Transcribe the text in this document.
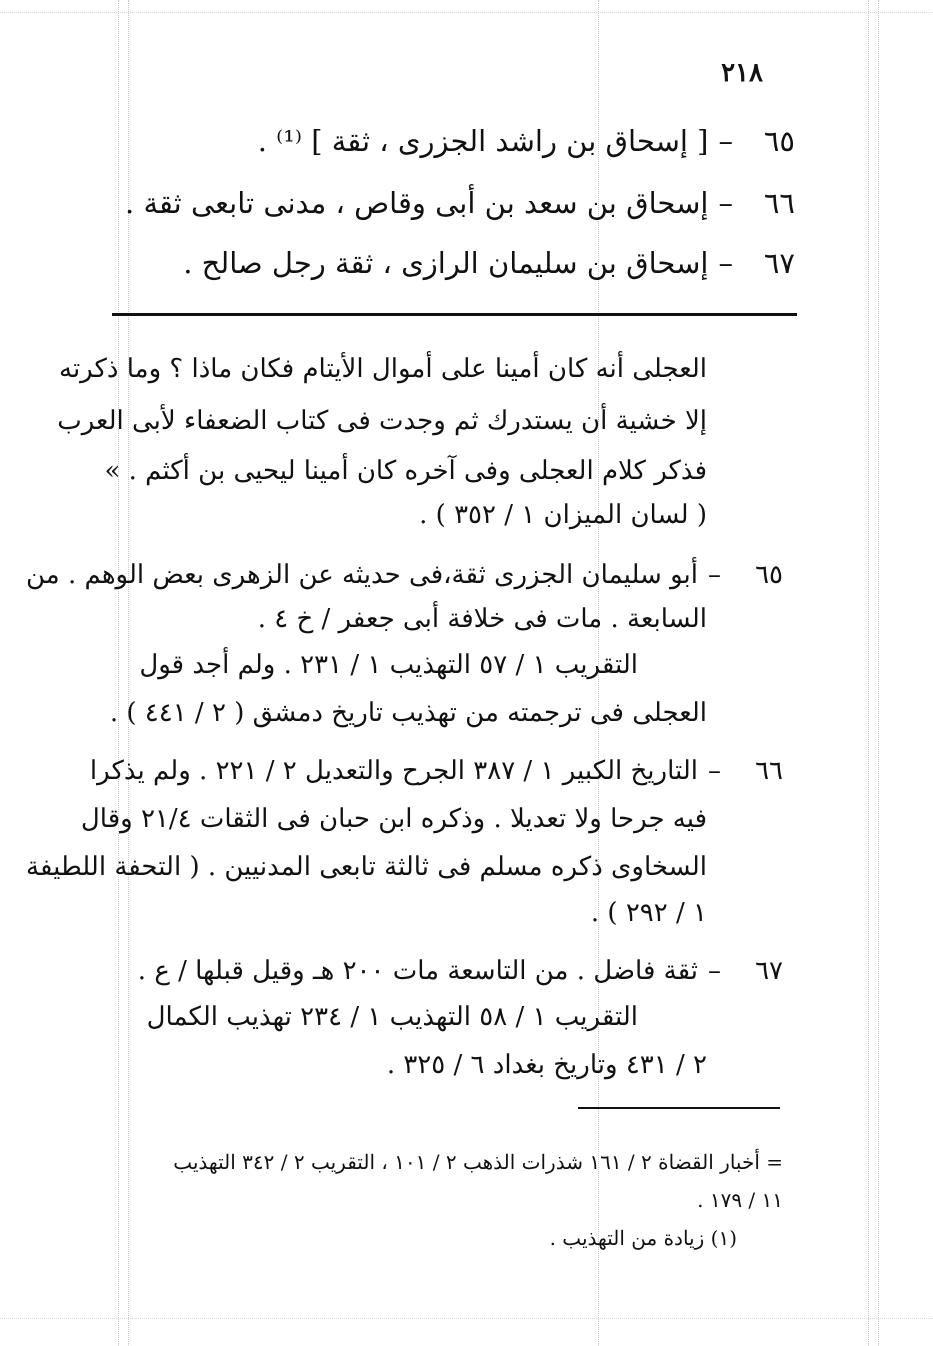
٢١٨
٦٥–[ إسحاق بن راشد الجزرى ، ثقة ] ⁽¹⁾ .
٦٦–إسحاق بن سعد بن أبى وقاص ، مدنى تابعى ثقة .
٦٧–إسحاق بن سليمان الرازى ، ثقة رجل صالح .
العجلى أنه كان أمينا على أموال الأيتام فكان ماذا ؟ وما ذكرته
إلا خشية أن يستدرك ثم وجدت فى كتاب الضعفاء لأبى العرب
فذكر كلام العجلى وفى آخره كان أمينا ليحيى بن أكثم . »
( لسان الميزان ١ / ٣٥٢ ) .
٦٥–أبو سليمان الجزرى ثقة،فى حديثه عن الزهرى بعض الوهم . من
السابعة . مات فى خلافة أبى جعفر / خ ٤ .
التقريب ١ / ٥٧ التهذيب ١ / ٢٣١ . ولم أجد قول
العجلى فى ترجمته من تهذيب تاريخ دمشق ( ٢ / ٤٤١ ) .
٦٦–التاريخ الكبير ١ / ٣٨٧ الجرح والتعديل ٢ / ٢٢١ . ولم يذكرا
فيه جرحا ولا تعديلا . وذكره ابن حبان فى الثقات ٢١/٤ وقال
السخاوى ذكره مسلم فى ثالثة تابعى المدنيين . ( التحفة اللطيفة
١ / ٢٩٢ ) .
٦٧–ثقة فاضل . من التاسعة مات ٢٠٠ هـ وقيل قبلها / ع .
التقريب ١ / ٥٨ التهذيب ١ / ٢٣٤ تهذيب الكمال
٢ / ٤٣١ وتاريخ بغداد ٦ / ٣٢٥ .
= أخبار القضاة ٢ / ١٦١ شذرات الذهب ٢ / ١٠١ ، التقريب ٢ / ٣٤٢ التهذيب
١١ / ١٧٩ .
(١) زيادة من التهذيب .
